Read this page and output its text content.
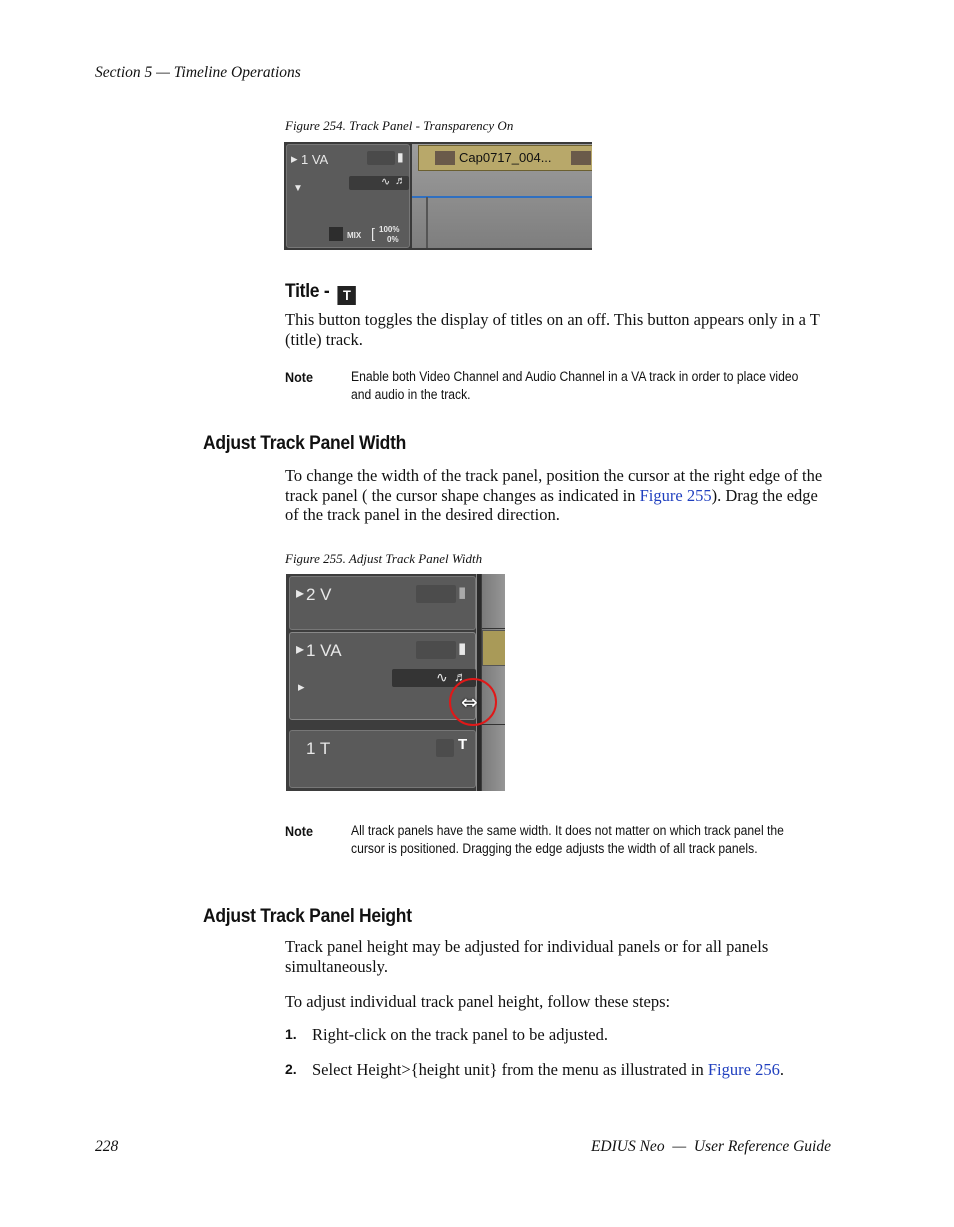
Section 5 — Timeline Operations
Figure 254. Track Panel - Transparency On
▸ 1 VA	▮
▼
∿ ♬
MIX [ 100%
0%
Cap0717_004...
Title - T
This button toggles the display of titles on an off. This button appears only in a T (title) track.
Note	Enable both Video Channel and Audio Channel in a VA track in order to place video and audio in the track.
Adjust Track Panel Width
To change the width of the track panel, position the cursor at the right edge of the track panel ( the cursor shape changes as indicated in Figure 255). Drag the edge of the track panel in the desired direction.
Figure 255. Adjust Track Panel Width
▸ 2 V	▮
▸ 1 VA	▮
▸
∿ ♬
1 T	T
⇔
Note	All track panels have the same width. It does not matter on which track panel the cursor is positioned. Dragging the edge adjusts the width of all track panels.
Adjust Track Panel Height
Track panel height may be adjusted for individual panels or for all panels simultaneously.
To adjust individual track panel height, follow these steps:
1. Right-click on the track panel to be adjusted.
2. Select Height>{height unit} from the menu as illustrated in Figure 256.
228	EDIUS Neo  —  User Reference Guide
